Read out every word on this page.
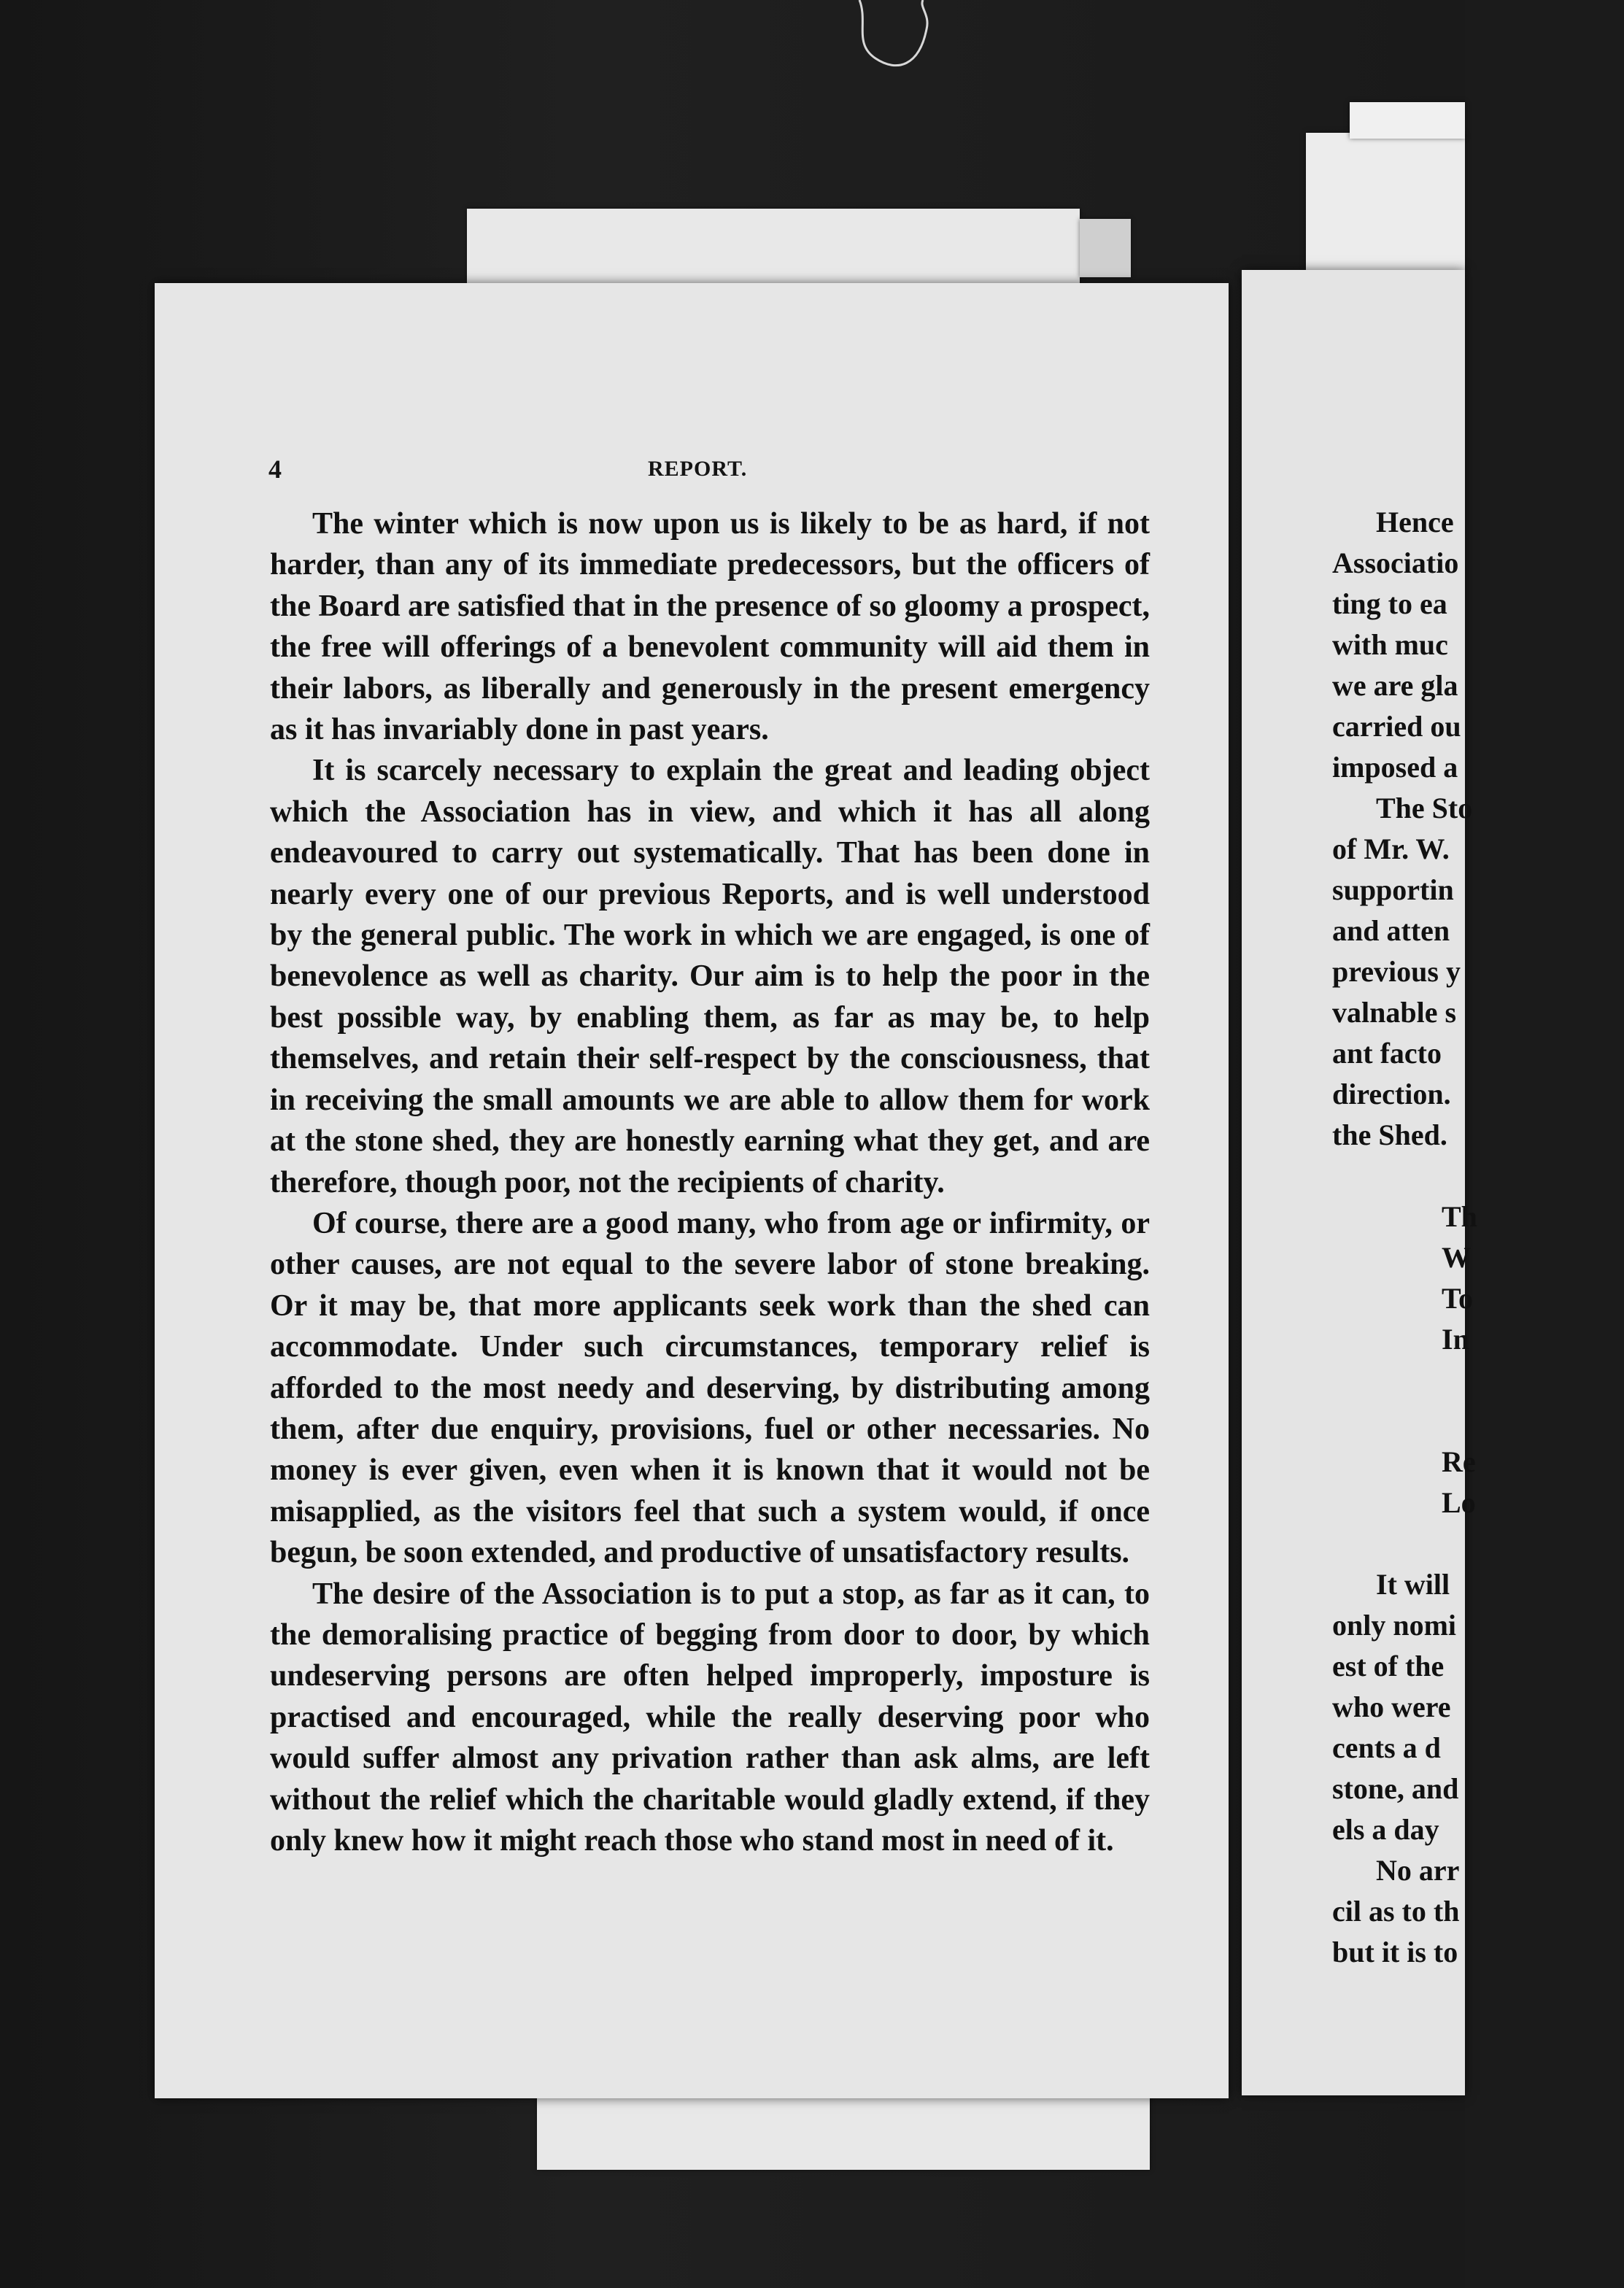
4	REPORT.

The winter which is now upon us is likely to be as hard, if not harder, than any of its immediate predecessors, but the officers of the Board are satisfied that in the presence of so gloomy a prospect, the free will offerings of a benevolent community will aid them in their labors, as liberally and generously in the present emergency as it has invariably done in past years.

It is scarcely necessary to explain the great and leading object which the Association has in view, and which it has all along endeavoured to carry out systematically. That has been done in nearly every one of our previous Reports, and is well understood by the general public. The work in which we are engaged, is one of benevolence as well as charity. Our aim is to help the poor in the best possible way, by enabling them, as far as may be, to help themselves, and retain their self-respect by the consciousness, that in receiving the small amounts we are able to allow them for work at the stone shed, they are honestly earning what they get, and are therefore, though poor, not the recipients of charity.

Of course, there are a good many, who from age or infirmity, or other causes, are not equal to the severe labor of stone breaking. Or it may be, that more applicants seek work than the shed can accommodate. Under such circumstances, temporary relief is afforded to the most needy and deserving, by distributing among them, after due enquiry, provisions, fuel or other necessaries. No money is ever given, even when it is known that it would not be misapplied, as the visitors feel that such a system would, if once begun, be soon extended, and productive of unsatisfactory results.

The desire of the Association is to put a stop, as far as it can, to the demoralising practice of begging from door to door, by which undeserving persons are often helped improperly, imposture is practised and encouraged, while the really deserving poor who would suffer almost any privation rather than ask alms, are left without the relief which the charitable would gladly extend, if they only knew how it might reach those who stand most in need of it.

Hence
Associatio
ting to ea
with muc
we are gla
carried ou
imposed a
The Sto
of Mr. W.
supportin
and atten
previous y
valnable s
ant facto
direction.
the Shed.
Th
W
To
In
Re
Lo
It will
only nomi
est of the
who were
cents a d
stone, and
els a day
No arr
cil as to th
but it is to
